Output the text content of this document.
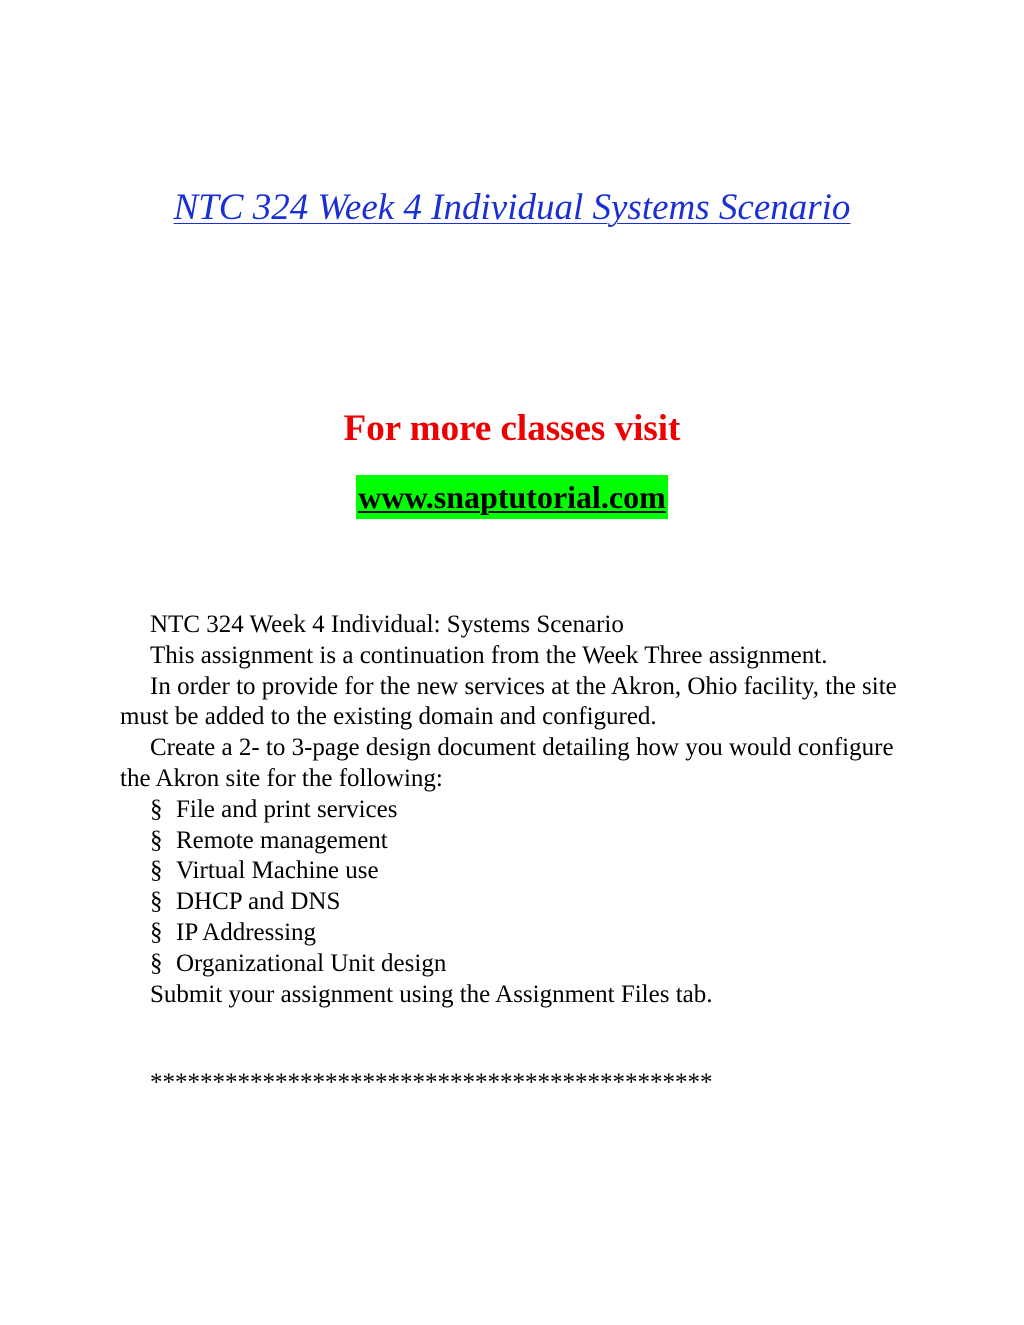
NTC 324 Week 4 Individual Systems Scenario
For more classes visit
www.snaptutorial.com

NTC 324 Week 4 Individual: Systems Scenario

This assignment is a continuation from the Week Three assignment.

In order to provide for the new services at the Akron, Ohio facility, the site must be added to the existing domain and configured.

Create a 2- to 3-page design document detailing how you would configure the Akron site for the following:

§ File and print services
§ Remote management
§ Virtual Machine use
§ DHCP and DNS
§ IP Addressing
§ Organizational Unit design

Submit your assignment using the Assignment Files tab.

*********************************************
